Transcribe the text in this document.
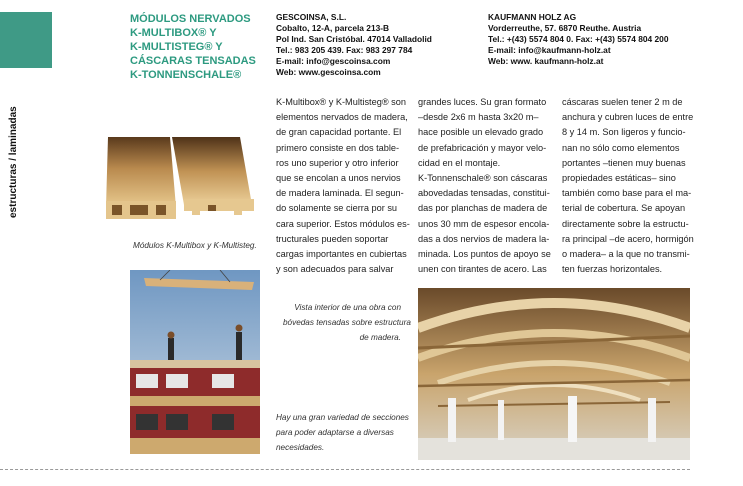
MÓDULOS NERVADOS
K-MULTIBOX® Y
K-MULTISTEG® Y
CÁSCARAS TENSADAS
K-TONNENSCHALE®
GESCOINSA, S.L.
Cobalto, 12-A, parcela 213-B
Pol Ind. San Cristóbal. 47014 Valladolid
Tel.: 983 205 439. Fax: 983 297 784
E-mail: info@gescoinsa.com
Web: www.gescoinsa.com
KAUFMANN HOLZ AG
Vorderreuthe, 57. 6870 Reuthe. Austria
Tel.: +(43) 5574 804 0. Fax: +(43) 5574 804 200
E-mail: info@kaufmann-holz.at
Web: www. kaufmann-holz.at
estructuras / laminadas
K-Multibox® y K-Multisteg® son
elementos nervados de madera,
de gran capacidad portante. El
primero consiste en dos table-
ros uno superior y otro inferior
que se encolan a unos nervios
de madera laminada. El segun-
do solamente se cierra por su
cara superior. Estos módulos es-
tructurales pueden soportar
cargas importantes en cubiertas
y son adecuados para salvar
grandes luces. Su gran formato
–desde 2x6 m hasta 3x20 m–
hace posible un elevado grado
de prefabricación y mayor velo-
cidad en el montaje.
K-Tonnenschale® son cáscaras
abovedadas tensadas, constitui-
das por planchas de madera de
unos 30 mm de espesor encola-
das a dos nervios de madera la-
minada. Los puntos de apoyo se
unen con tirantes de acero. Las
cáscaras suelen tener 2 m de
anchura y cubren luces de entre
8 y 14 m. Son ligeros y funcio-
nan no sólo como elementos
portantes –tienen muy buenas
propiedades estáticas– sino
también como base para el ma-
terial de cobertura. Se apoyan
directamente sobre la estructu-
ra principal –de acero, hormigón
o madera– a la que no transmi-
ten fuerzas horizontales.
Módulos K-Multibox y K-Multisteg.
Vista interior de una obra con
bóvedas tensadas sobre estructura
de madera.
Hay una gran variedad de secciones
para poder adaptarse a diversas
necesidades.
